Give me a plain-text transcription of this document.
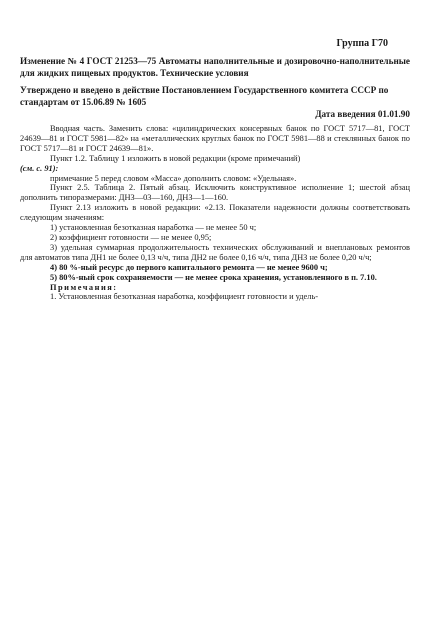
Группа Г70
Изменение № 4 ГОСТ 21253—75 Автоматы наполнительные и дозировочно-наполнительные для жидких пищевых продуктов. Технические условия
Утверждено и введено в действие Постановлением Государственного комитета СССР по стандартам от 15.06.89 № 1605
Дата введения 01.01.90

Вводная часть. Заменить слова: «цилиндрических консервных банок по ГОСТ 5717—81, ГОСТ 24639—81 и ГОСТ 5981—82» на «металлических круглых банок по ГОСТ 5981—88 и стеклянных банок по ГОСТ 5717—81 и ГОСТ 24639—81».

Пункт 1.2. Таблицу 1 изложить в новой редакции (кроме примечаний)

(см. с. 91):

примечание 5 перед словом «Масса» дополнить словом: «Удельная».

Пункт 2.5. Таблица 2. Пятый абзац. Исключить конструктивное исполнение 1; шестой абзац дополнить типоразмерами: ДНЗ—03—160, ДНЗ—1—160.

Пункт 2.13 изложить в новой редакции: «2.13. Показатели надежности должны соответствовать следующим значениям:

1) установленная безотказная наработка — не менее 50 ч;

2) коэффициент готовности — не менее 0,95;

3) удельная суммарная продолжительность технических обслуживаний и внеплановых ремонтов для автоматов типа ДН1 не более 0,13 ч/ч, типа ДН2 не более 0,16 ч/ч, типа ДНЗ не более 0,20 ч/ч;

4) 80 %-ный ресурс до первого капитального ремонта — не менее 9600 ч;

5) 80%-ный срок сохраняемости — не менее срока хранения, установленного в п. 7.10.

Примечания:

1. Установленная безотказная наработка, коэффициент готовности и удель-
